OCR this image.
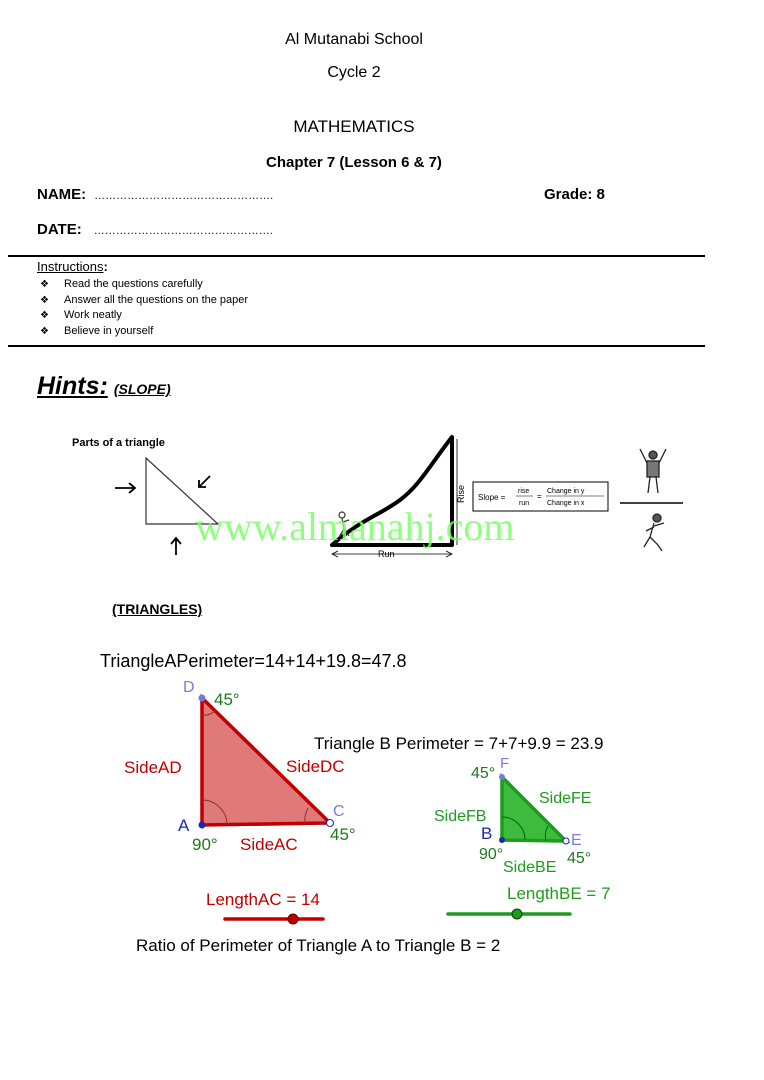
Al Mutanabi School
Cycle 2
MATHEMATICS
Chapter 7 (Lesson 6 & 7)
NAME: ………………………………………….	Grade: 8
DATE: ………………………………………….
Instructions:
❖ Read the questions carefully
❖ Answer all the questions on the paper
❖ Work neatly
❖ Believe in yourself
Hints: (SLOPE)
Parts of a triangle
Rise
Run
Slope =
rise
run
=
Change in y
Change in x
www.almanahj.com
(TRIANGLES)
TriangleAPerimeter=14+14+19.8=47.8
D
45°
A
90°
C
45°
SideAD	SideDC
SideAC
Triangle B Perimeter = 7+7+9.9 = 23.9
F
45°
B
90°
E
45°
SideFB
SideFE
SideBE
LengthAC = 14	LengthBE = 7
Ratio of Perimeter of Triangle A to Triangle B = 2
